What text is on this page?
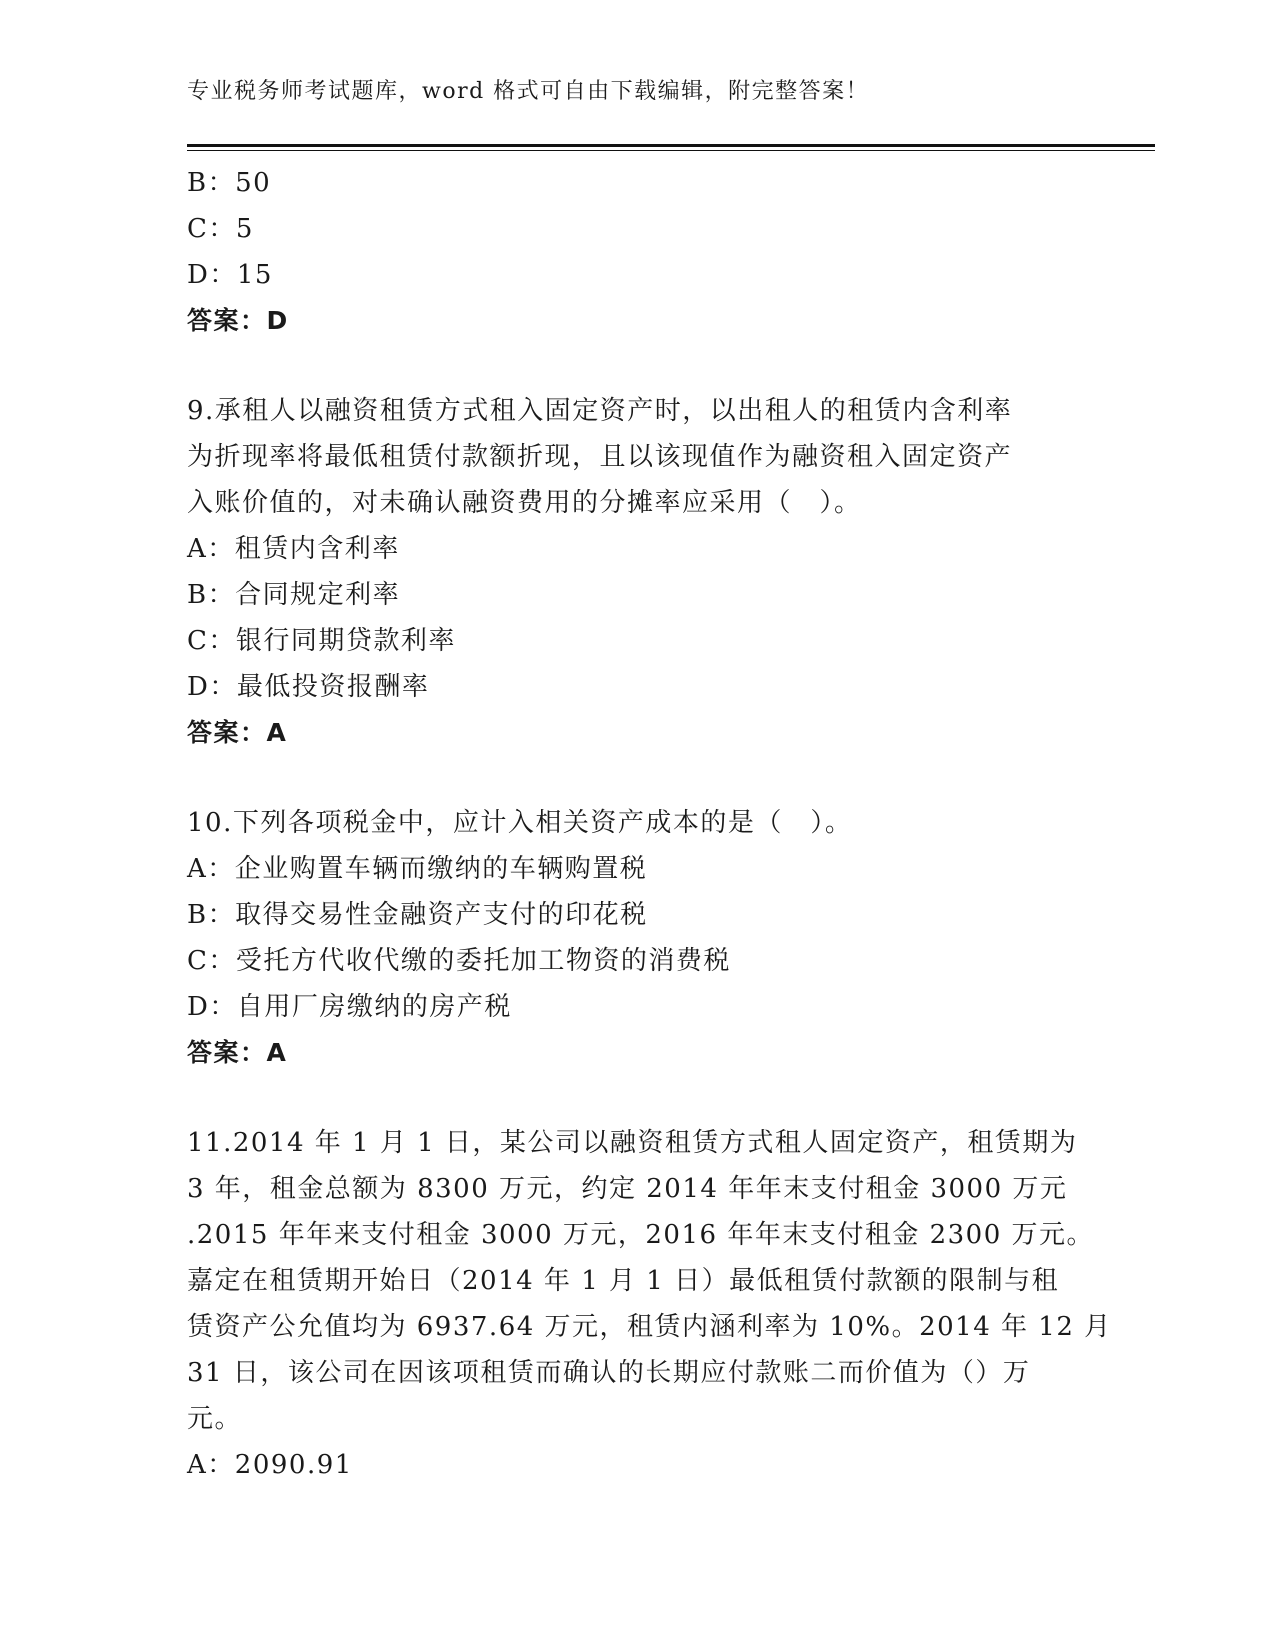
专业税务师考试题库，word 格式可自由下载编辑，附完整答案！
B：50
C：5
D：15
答案：D
9.承租人以融资租赁方式租入固定资产时，以出租人的租赁内含利率
为折现率将最低租赁付款额折现，且以该现值作为融资租入固定资产
入账价值的，对未确认融资费用的分摊率应采用（　）。
A：租赁内含利率
B：合同规定利率
C：银行同期贷款利率
D：最低投资报酬率
答案：A
10.下列各项税金中，应计入相关资产成本的是（　）。
A：企业购置车辆而缴纳的车辆购置税
B：取得交易性金融资产支付的印花税
C：受托方代收代缴的委托加工物资的消费税
D：自用厂房缴纳的房产税
答案：A
11.2014 年 1 月 1 日，某公司以融资租赁方式租人固定资产，租赁期为
3 年，租金总额为 8300 万元，约定 2014 年年末支付租金 3000 万元
.2015 年年来支付租金 3000 万元，2016 年年末支付租金 2300 万元。
嘉定在租赁期开始日（2014 年 1 月 1 日）最低租赁付款额的限制与租
赁资产公允值均为 6937.64 万元，租赁内涵利率为 10%。2014 年 12 月
31 日，该公司在因该项租赁而确认的长期应付款账二而价值为（）万
元。
A：2090.91
